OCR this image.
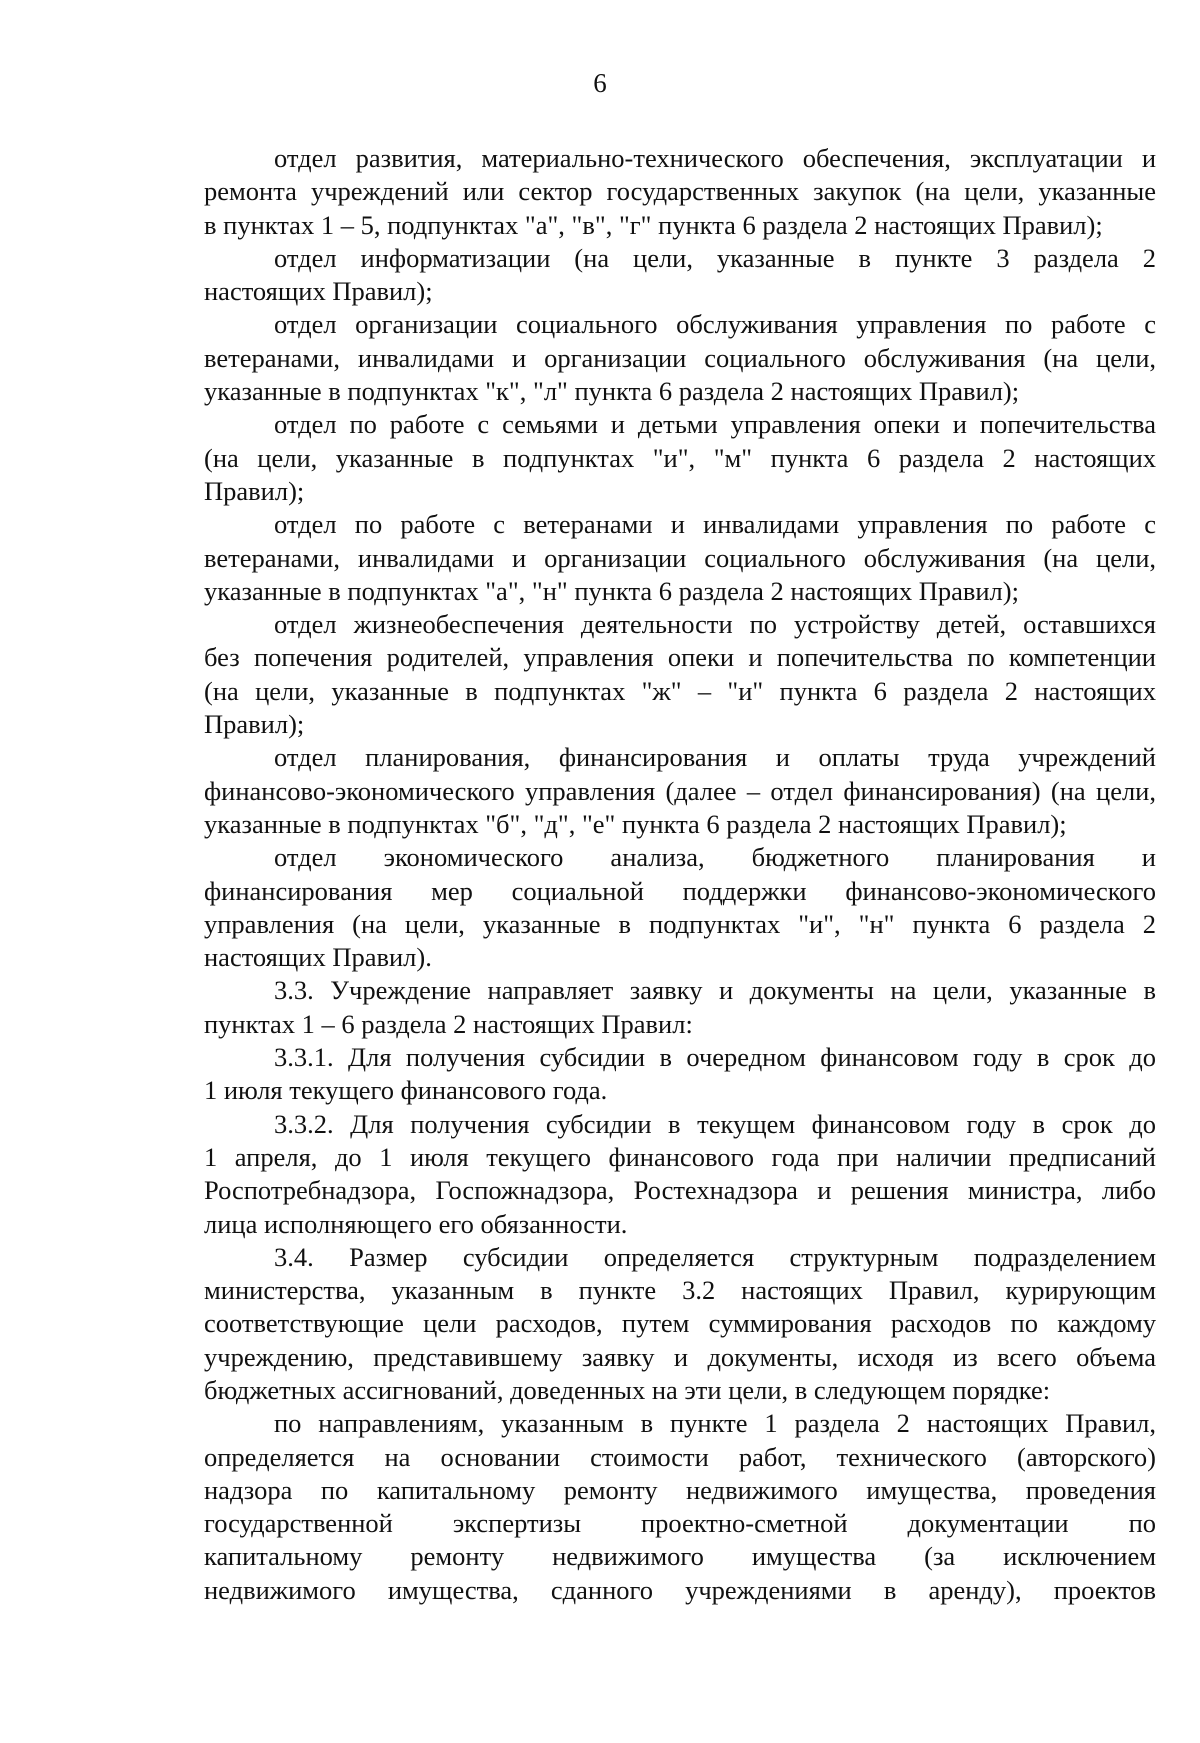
6
отдел развития, материально-технического обеспечения, эксплуатации и
ремонта учреждений или сектор государственных закупок (на цели, указанные
в пунктах 1 – 5, подпунктах "а", "в", "г" пункта 6 раздела 2 настоящих Правил);
отдел информатизации (на цели, указанные в пункте 3 раздела 2
настоящих Правил);
отдел организации социального обслуживания управления по работе с
ветеранами, инвалидами и организации социального обслуживания (на цели,
указанные в подпунктах "к", "л" пункта 6 раздела 2 настоящих Правил);
отдел по работе с семьями и детьми управления опеки и попечительства
(на цели, указанные в подпунктах "и", "м" пункта 6 раздела 2 настоящих
Правил);
отдел по работе с ветеранами и инвалидами управления по работе с
ветеранами, инвалидами и организации социального обслуживания (на цели,
указанные в подпунктах "а", "н" пункта 6 раздела 2 настоящих Правил);
отдел жизнеобеспечения деятельности по устройству детей, оставшихся
без попечения родителей, управления опеки и попечительства по компетенции
(на цели, указанные в подпунктах "ж" – "и" пункта 6 раздела 2 настоящих
Правил);
отдел планирования, финансирования и оплаты труда учреждений
финансово-экономического управления (далее – отдел финансирования) (на цели,
указанные в подпунктах "б", "д", "е" пункта 6 раздела 2 настоящих Правил);
отдел экономического анализа, бюджетного планирования и
финансирования мер социальной поддержки финансово-экономического
управления (на цели, указанные в подпунктах "и", "н" пункта 6 раздела 2
настоящих Правил).
3.3. Учреждение направляет заявку и документы на цели, указанные в
пунктах 1 – 6 раздела 2 настоящих Правил:
3.3.1. Для получения субсидии в очередном финансовом году в срок до
1 июля текущего финансового года.
3.3.2. Для получения субсидии в текущем финансовом году в срок до
1 апреля, до 1 июля текущего финансового года при наличии предписаний
Роспотребнадзора, Госпожнадзора, Ростехнадзора и решения министра, либо
лица исполняющего его обязанности.
3.4. Размер субсидии определяется структурным подразделением
министерства, указанным в пункте 3.2 настоящих Правил, курирующим
соответствующие цели расходов, путем суммирования расходов по каждому
учреждению, представившему заявку и документы, исходя из всего объема
бюджетных ассигнований, доведенных на эти цели, в следующем порядке:
по направлениям, указанным в пункте 1 раздела 2 настоящих Правил,
определяется на основании стоимости работ, технического (авторского)
надзора по капитальному ремонту недвижимого имущества, проведения
государственной экспертизы проектно-сметной документации по
капитальному ремонту недвижимого имущества (за исключением
недвижимого имущества, сданного учреждениями в аренду), проектов
